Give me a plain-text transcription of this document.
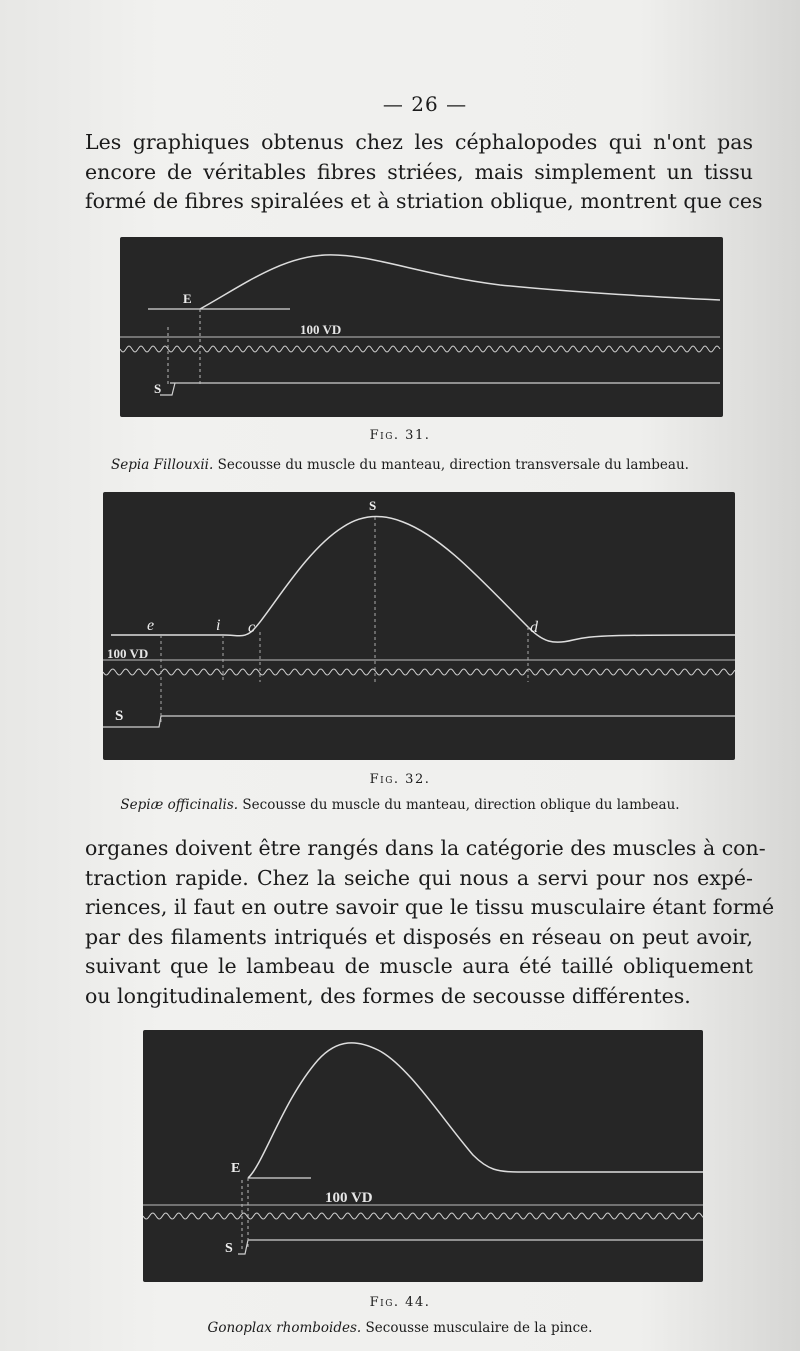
— 26 —
Les graphiques obtenus chez les céphalopodes qui n'ont pas
encore de véritables fibres striées, mais simplement un tissu
formé de fibres spiralées et à striation oblique, montrent que ces
E
S
100 VD
Fig. 31.
Sepia Fillouxii. Secousse du muscle du manteau, direction transversale du lambeau.
S
e	i c	d
100 VD
S
Fig. 32.
Sepiæ officinalis. Secousse du muscle du manteau, direction oblique du lambeau.
organes doivent être rangés dans la catégorie des muscles à con-
traction rapide. Chez la seiche qui nous a servi pour nos expé-
riences, il faut en outre savoir que le tissu musculaire étant formé
par des filaments intriqués et disposés en réseau on peut avoir,
suivant que le lambeau de muscle aura été taillé obliquement
ou longitudinalement, des formes de secousse différentes.
E
S
100 VD
Fig. 44.
Gonoplax rhomboides. Secousse musculaire de la pince.
